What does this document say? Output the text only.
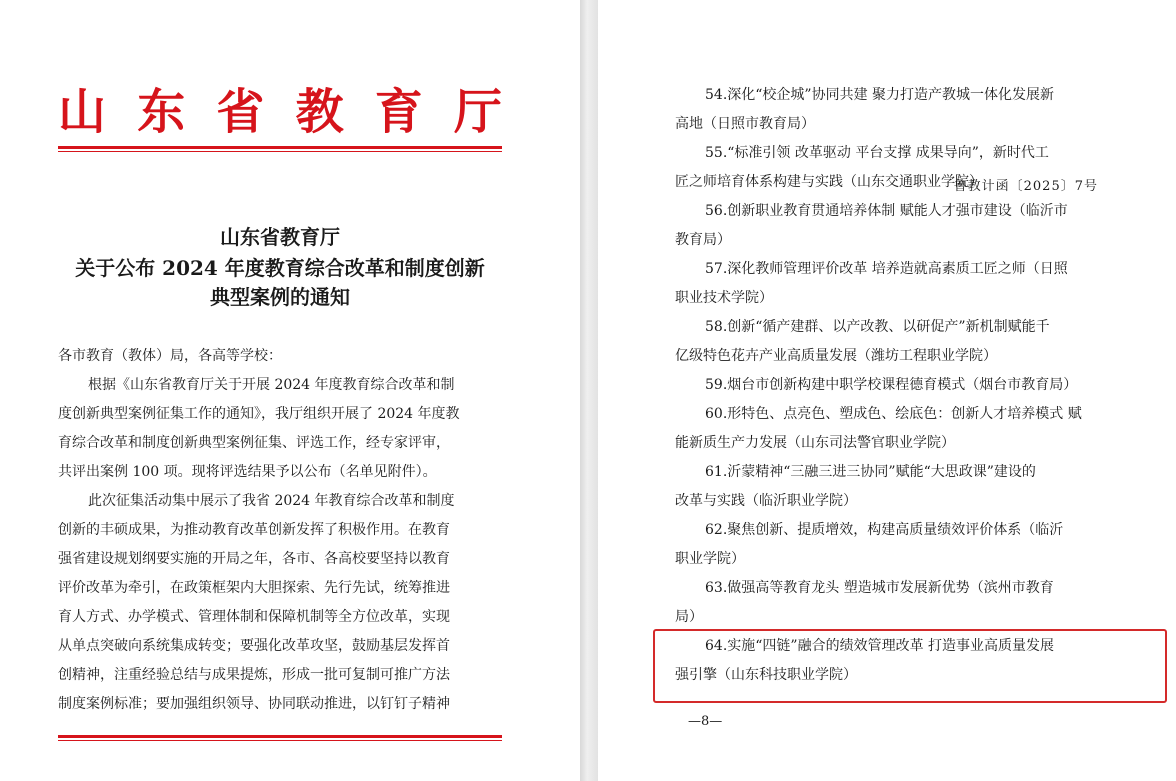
山 东 省 教 育 厅
鲁教计函〔2025〕7号
山东省教育厅
关于公布 2024 年度教育综合改革和制度创新
典型案例的通知
各市教育（教体）局，各高等学校：
根据《山东省教育厅关于开展 2024 年度教育综合改革和制
度创新典型案例征集工作的通知》，我厅组织开展了 2024 年度教
育综合改革和制度创新典型案例征集、评选工作，经专家评审，
共评出案例 100 项。现将评选结果予以公布（名单见附件）。
此次征集活动集中展示了我省 2024 年教育综合改革和制度
创新的丰硕成果，为推动教育改革创新发挥了积极作用。在教育
强省建设规划纲要实施的开局之年，各市、各高校要坚持以教育
评价改革为牵引，在政策框架内大胆探索、先行先试，统筹推进
育人方式、办学模式、管理体制和保障机制等全方位改革，实现
从单点突破向系统集成转变；要强化改革攻坚，鼓励基层发挥首
创精神，注重经验总结与成果提炼，形成一批可复制可推广方法
制度案例标准；要加强组织领导、协同联动推进，以钉钉子精神
54.深化“校企城”协同共建 聚力打造产教城一体化发展新
高地（日照市教育局）
55.“标准引领 改革驱动 平台支撑 成果导向”，新时代工
匠之师培育体系构建与实践（山东交通职业学院）
56.创新职业教育贯通培养体制 赋能人才强市建设（临沂市
教育局）
57.深化教师管理评价改革 培养造就高素质工匠之师（日照
职业技术学院）
58.创新“循产建群、以产改教、以研促产”新机制赋能千
亿级特色花卉产业高质量发展（潍坊工程职业学院）
59.烟台市创新构建中职学校课程德育模式（烟台市教育局）
60.形特色、点亮色、塑成色、绘底色：创新人才培养模式 赋
能新质生产力发展（山东司法警官职业学院）
61.沂蒙精神“三融三进三协同”赋能“大思政课”建设的
改革与实践（临沂职业学院）
62.聚焦创新、提质增效，构建高质量绩效评价体系（临沂
职业学院）
63.做强高等教育龙头 塑造城市发展新优势（滨州市教育
局）
64.实施“四链”融合的绩效管理改革 打造事业高质量发展
强引擎（山东科技职业学院）
—8—
